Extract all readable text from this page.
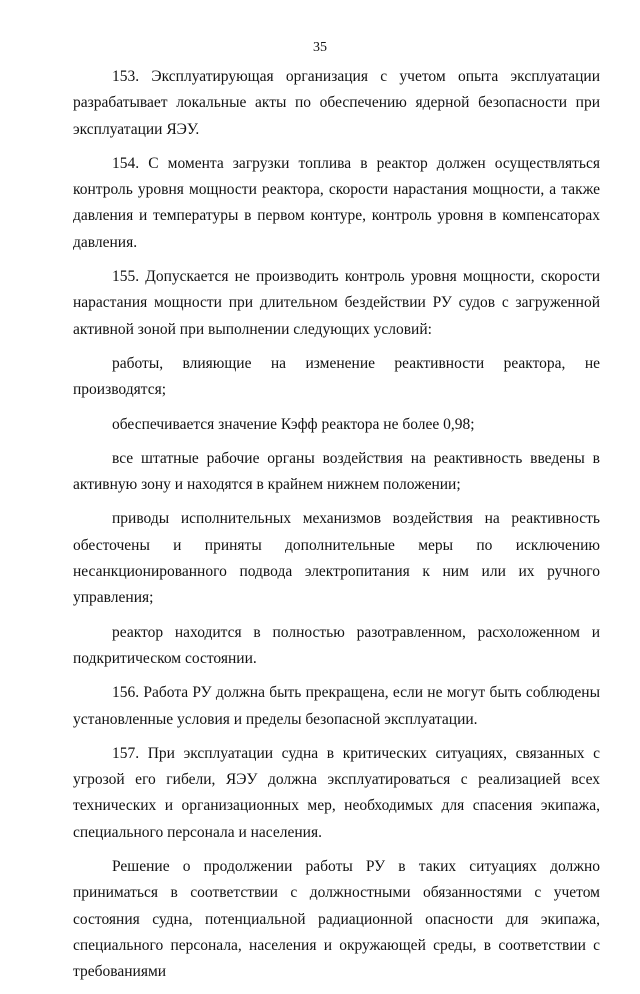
35

153. Эксплуатирующая организация с учетом опыта эксплуатации разрабатывает локальные акты по обеспечению ядерной безопасности при эксплуатации ЯЭУ.

154. С момента загрузки топлива в реактор должен осуществляться контроль уровня мощности реактора, скорости нарастания мощности, а также давления и температуры в первом контуре, контроль уровня в компенсаторах давления.

155. Допускается не производить контроль уровня мощности, скорости нарастания мощности при длительном бездействии РУ судов с загруженной активной зоной при выполнении следующих условий:

работы, влияющие на изменение реактивности реактора, не производятся;

обеспечивается значение Кэфф реактора не более 0,98;

все штатные рабочие органы воздействия на реактивность введены в активную зону и находятся в крайнем нижнем положении;

приводы исполнительных механизмов воздействия на реактивность обесточены и приняты дополнительные меры по исключению несанкционированного подвода электропитания к ним или их ручного управления;

реактор находится в полностью разотравленном, расхоложенном и подкритическом состоянии.

156. Работа РУ должна быть прекращена, если не могут быть соблюдены установленные условия и пределы безопасной эксплуатации.

157. При эксплуатации судна в критических ситуациях, связанных с угрозой его гибели, ЯЭУ должна эксплуатироваться с реализацией всех технических и организационных мер, необходимых для спасения экипажа, специального персонала и населения.

Решение о продолжении работы РУ в таких ситуациях должно приниматься в соответствии с должностными обязанностями с учетом состояния судна, потенциальной радиационной опасности для экипажа, специального персонала, населения и окружающей среды, в соответствии с требованиями
